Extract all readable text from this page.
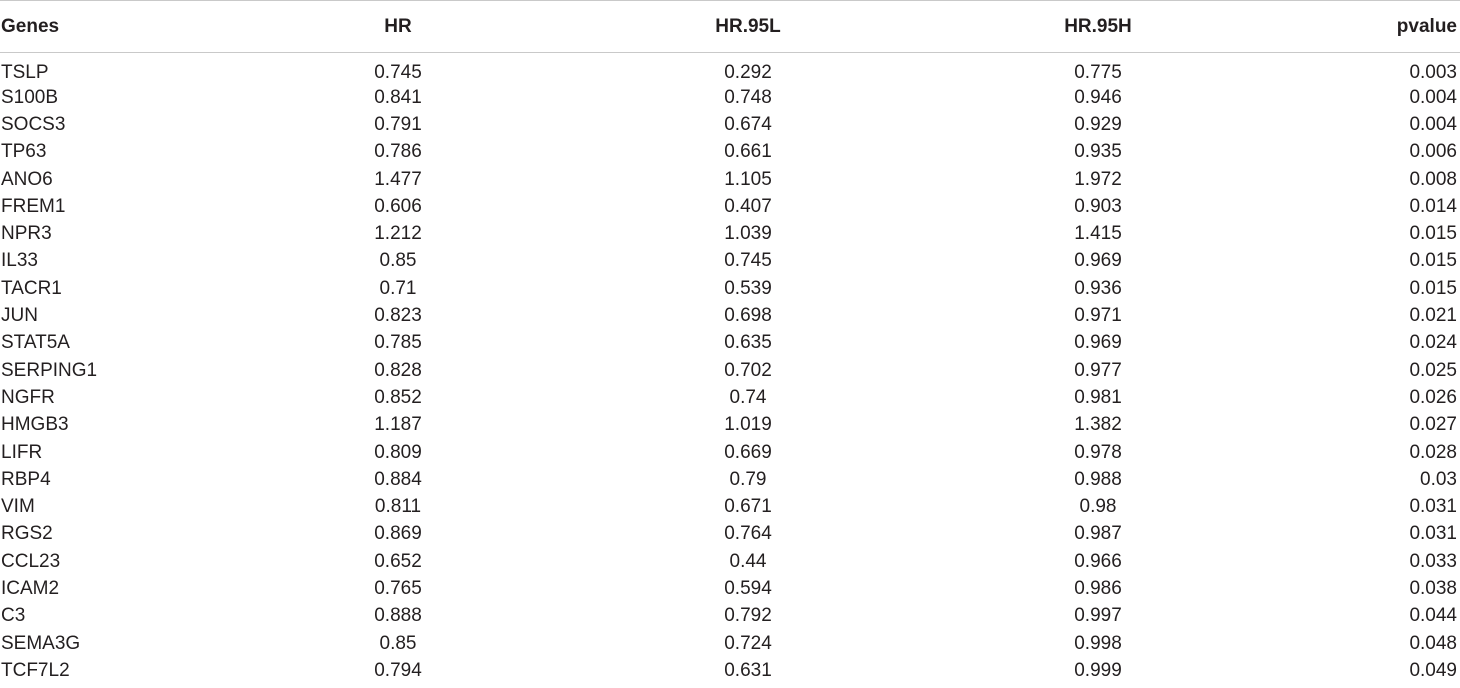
Genes	HR	HR.95L	HR.95H	pvalue
TSLP	0.745	0.292	0.775	0.003
S100B	0.841	0.748	0.946	0.004
SOCS3	0.791	0.674	0.929	0.004
TP63	0.786	0.661	0.935	0.006
ANO6	1.477	1.105	1.972	0.008
FREM1	0.606	0.407	0.903	0.014
NPR3	1.212	1.039	1.415	0.015
IL33	0.85	0.745	0.969	0.015
TACR1	0.71	0.539	0.936	0.015
JUN	0.823	0.698	0.971	0.021
STAT5A	0.785	0.635	0.969	0.024
SERPING1	0.828	0.702	0.977	0.025
NGFR	0.852	0.74	0.981	0.026
HMGB3	1.187	1.019	1.382	0.027
LIFR	0.809	0.669	0.978	0.028
RBP4	0.884	0.79	0.988	0.03
VIM	0.811	0.671	0.98	0.031
RGS2	0.869	0.764	0.987	0.031
CCL23	0.652	0.44	0.966	0.033
ICAM2	0.765	0.594	0.986	0.038
C3	0.888	0.792	0.997	0.044
SEMA3G	0.85	0.724	0.998	0.048
TCF7L2	0.794	0.631	0.999	0.049
